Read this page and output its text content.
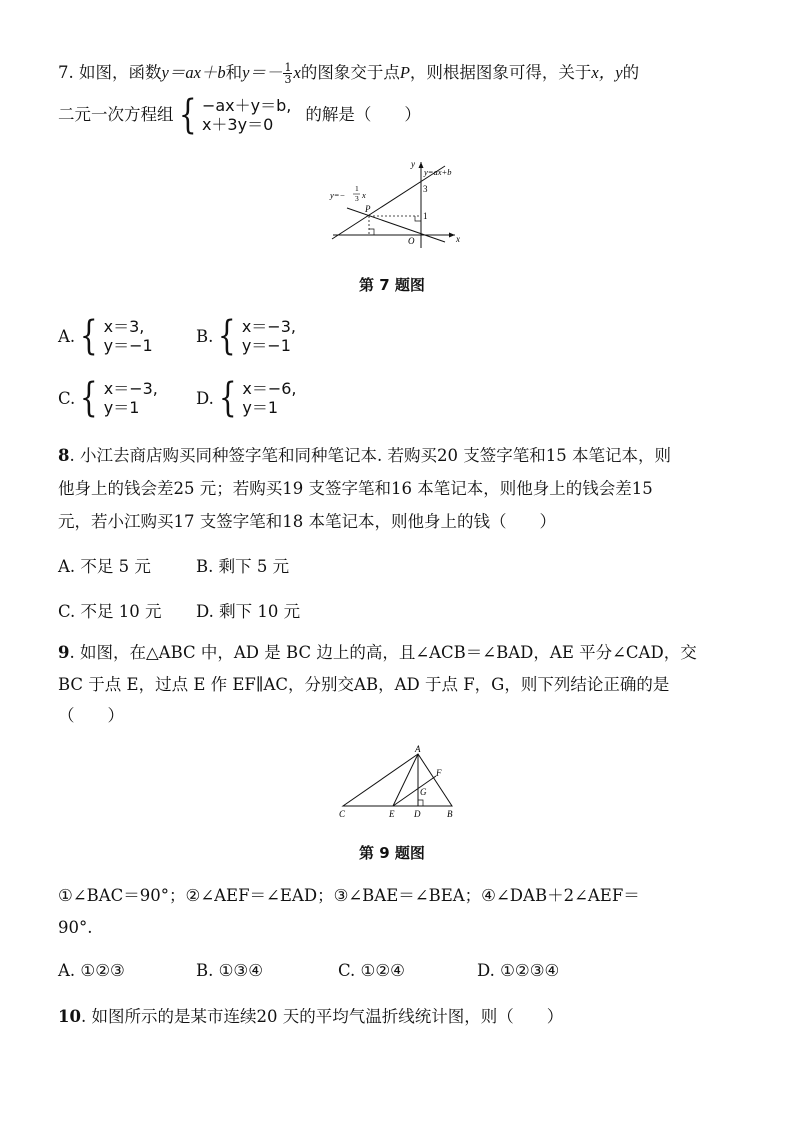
7. 如图，函数y＝ax＋b和$y=- \frac{1}{3}$ x的图象交于点P，则根据图象可得，关于x，y的
二元一次方程组 { −ax＋y＝b,
x＋3y＝0
的解是（　　）
y
x
O
P
3
1
y=ax+b
y=−
1
3 x
第 7 题图
A. { x＝3,
y＝−1	B. { x＝−3,
y＝−1
C. { x＝−3,
y＝1	D. { x＝−6,
y＝1
8. 小江去商店购买同种签字笔和同种笔记本. 若购买20 支签字笔和15 本笔记本，则
他身上的钱会差25 元；若购买19 支签字笔和16 本笔记本，则他身上的钱会差15
元，若小江购买17 支签字笔和18 本笔记本，则他身上的钱（　　）
A. 不足 5 元	B. 剩下 5 元
C. 不足 10 元 D. 剩下 10 元
9. 如图，在△ABC 中，AD 是 BC 边上的高，且∠ACB＝∠BAD，AE 平分∠CAD，交
BC 于点 E，过点 E 作 EF∥AC，分别交AB，AD 于点 F，G，则下列结论正确的是
（　　）
A
C	B
E D
F
G
第 9 题图
①∠BAC＝90°；②∠AEF＝∠EAD；③∠BAE＝∠BEA；④∠DAB＋2∠AEF＝
90°.
A. ①②③	B. ①③④	C. ①②④	D. ①②③④
10. 如图所示的是某市连续20 天的平均气温折线统计图，则（　　）
